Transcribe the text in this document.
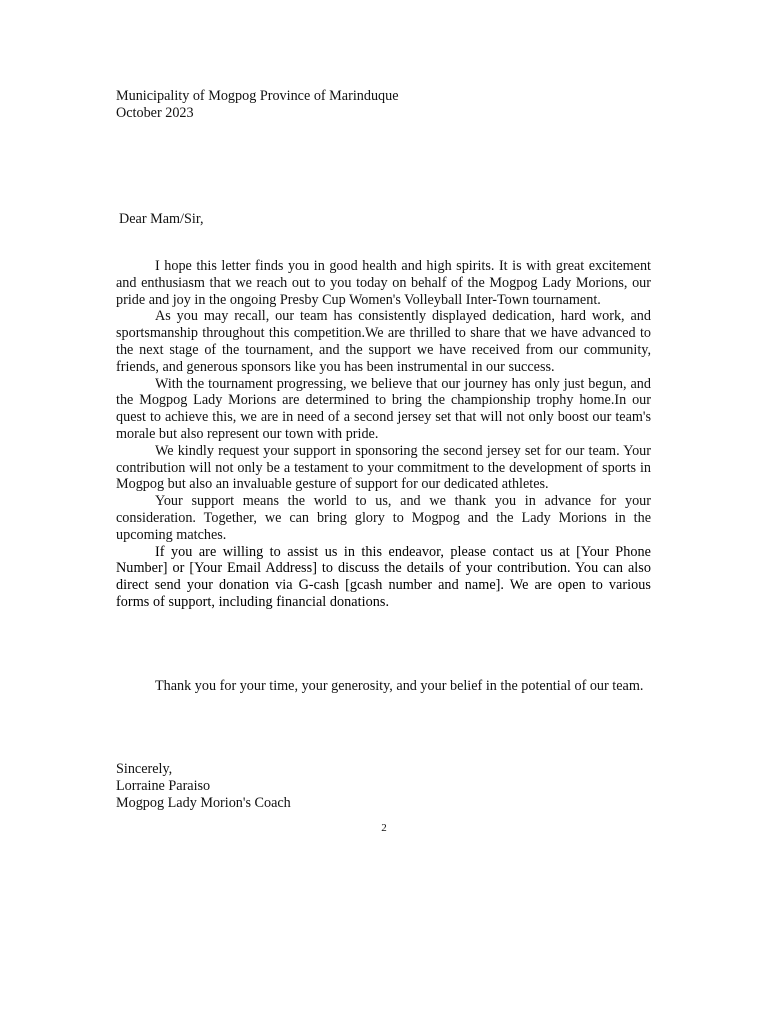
Municipality of Mogpog Province of Marinduque
October 2023
Dear Mam/Sir,

I hope this letter finds you in good health and high spirits. It is with great excitement and enthusiasm that we reach out to you today on behalf of the Mogpog Lady Morions, our pride and joy in the ongoing Presby Cup Women's Volleyball Inter-Town tournament.

As you may recall, our team has consistently displayed dedication, hard work, and sportsmanship throughout this competition.We are thrilled to share that we have advanced to the next stage of the tournament, and the support we have received from our community, friends, and generous sponsors like you has been instrumental in our success.

With the tournament progressing, we believe that our journey has only just begun, and the Mogpog Lady Morions are determined to bring the championship trophy home.In our quest to achieve this, we are in need of a second jersey set that will not only boost our team's morale but also represent our town with pride.

We kindly request your support in sponsoring the second jersey set for our team. Your contribution will not only be a testament to your commitment to the development of sports in Mogpog but also an invaluable gesture of support for our dedicated athletes.

Your support means the world to us, and we thank you in advance for your consideration. Together, we can bring glory to Mogpog and the Lady Morions in the upcoming matches.

If you are willing to assist us in this endeavor, please contact us at [Your Phone Number] or [Your Email Address] to discuss the details of your contribution. You can also direct send your donation via G-cash [gcash number and name]. We are open to various forms of support, including financial donations.

Thank you for your time, your generosity, and your belief in the potential of our team.

Sincerely,
Lorraine Paraiso
Mogpog Lady Morion's Coach
2
